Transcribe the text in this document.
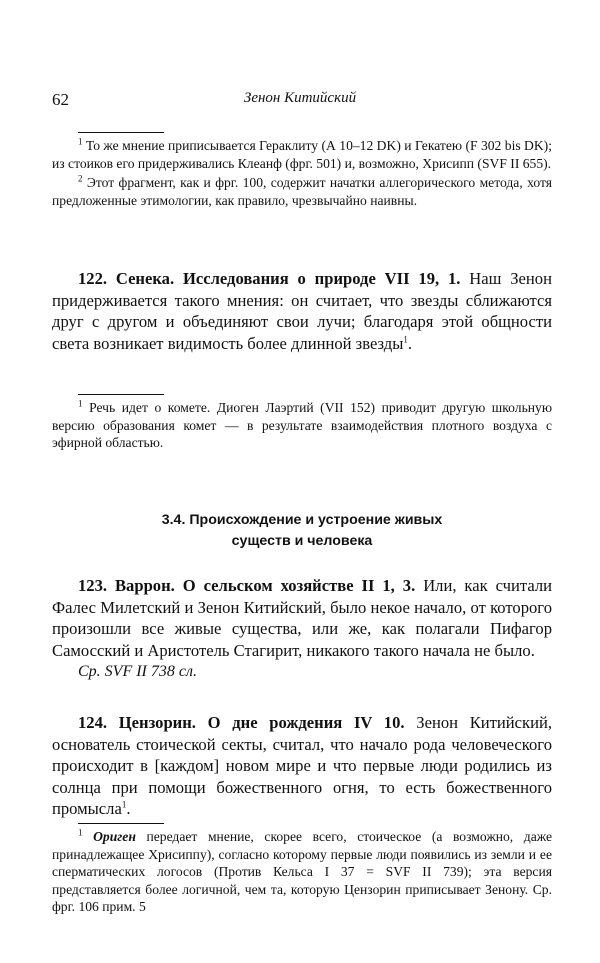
62	Зенон Китийский

$^1$ То же мнение приписывается Гераклиту (А 10–12 DK) и Гекатею (F 302 bis DK); из стоиков его придерживались Клеанф (фрг. 501) и, возможно, Хрисипп (SVF II 655).

$^2$ Этот фрагмент, как и фрг. 100, содержит начатки аллегорического метода, хотя предложенные этимологии, как правило, чрезвычайно наивны.

122. Сенека. Исследования о природе VII 19, 1. Наш Зенон придерживается такого мнения: он считает, что звезды сближаются друг с другом и объединяют свои лучи; благодаря этой общности света возникает видимость более длинной звезды$^1$.

$^1$ Речь идет о комете. Диоген Лаэртий (VII 152) приводит другую школьную версию образования комет — в результате взаимодействия плотного воздуха с эфирной областью.

3.4. Происхождение и устроение живых
существ и человека

123. Варрон. О сельском хозяйстве II 1, 3. Или, как считали Фалес Милетский и Зенон Китийский, было некое начало, от которого произошли все живые существа, или же, как полагали Пифагор Самосский и Аристотель Стагирит, никакого такого начала не было.

Ср. SVF II 738 сл.

124. Цензорин. О дне рождения IV 10. Зенон Китийский, основатель стоической секты, считал, что начало рода человеческого происходит в [каждом] новом мире и что первые люди родились из солнца при помощи божественного огня, то есть божественного промысла$^1$.

$^1$ Ориген передает мнение, скорее всего, стоическое (а возможно, даже принадлежащее Хрисиппу), согласно которому первые люди появились из земли и ее сперматических логосов (Против Кельса I 37 = SVF II 739); эта версия представляется более логичной, чем та, которую Цензорин приписывает Зенону. Ср. фрг. 106 прим. 5
